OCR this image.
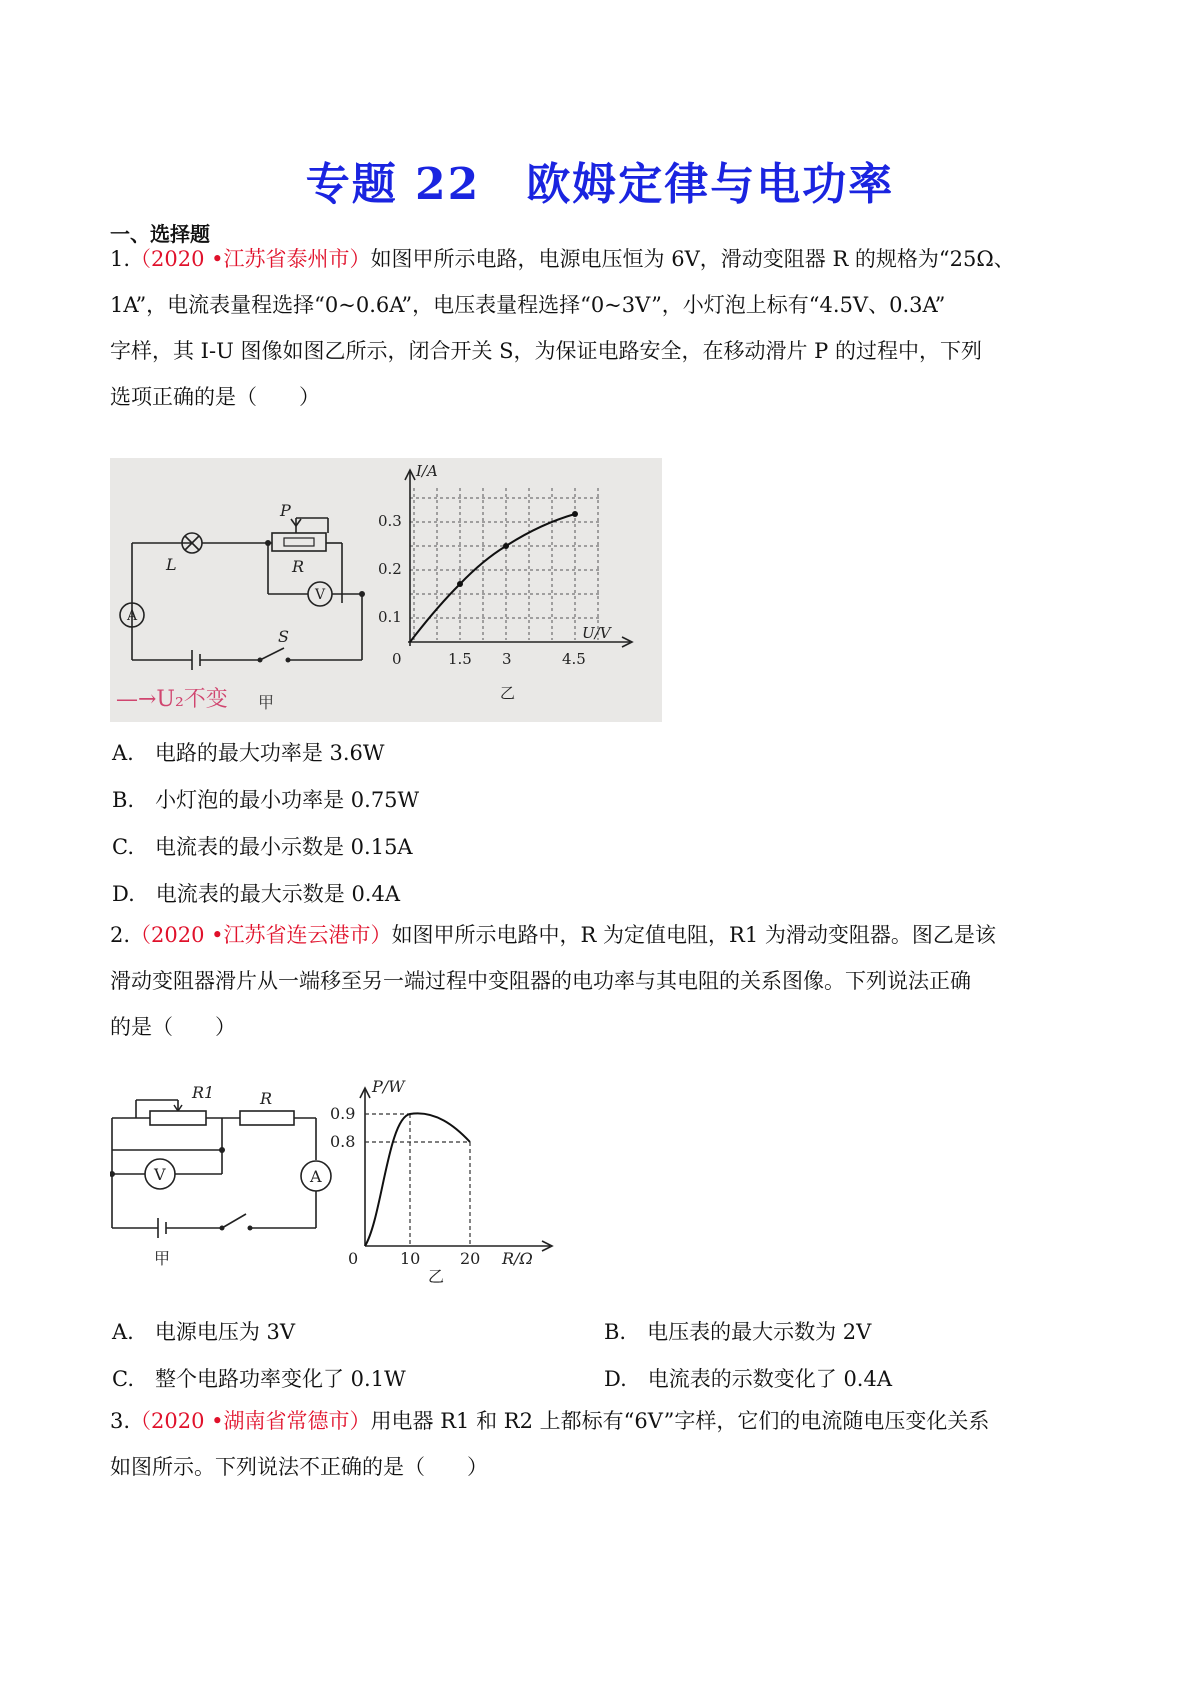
专题 22　欧姆定律与电功率
一、选择题
1.（2020 •江苏省泰州市）如图甲所示电路，电源电压恒为 6V，滑动变阻器 R 的规格为“25Ω、
1A”，电流表量程选择“0~0.6A”，电压表量程选择“0~3V”，小灯泡上标有“4.5V、0.3A”
字样，其 I-U 图像如图乙所示，闭合开关 S，为保证电路安全，在移动滑片 P 的过程中，下列
选项正确的是（　　）
P
R
L
S
A
V
甲
—→U₂不变
I/A
U/V
0.3
0.2
0.1
0	1.5 3	4.5
乙
A.　电路的最大功率是 3.6W
B.　小灯泡的最小功率是 0.75W
C.　电流表的最小示数是 0.15A
D.　电流表的最大示数是 0.4A
2.（2020 •江苏省连云港市）如图甲所示电路中，R 为定值电阻，R1 为滑动变阻器。图乙是该
滑动变阻器滑片从一端移至另一端过程中变阻器的电功率与其电阻的关系图像。下列说法正确
的是（　　）
R1	R
V	A
甲
P/W
0.9
0.8
0	10 20 R/Ω
乙
A.　电源电压为 3V	B.　电压表的最大示数为 2V
C.　整个电路功率变化了 0.1W	D.　电流表的示数变化了 0.4A
3.（2020 •湖南省常德市）用电器 R1 和 R2 上都标有“6V”字样，它们的电流随电压变化关系
如图所示。下列说法不正确的是（　　）
